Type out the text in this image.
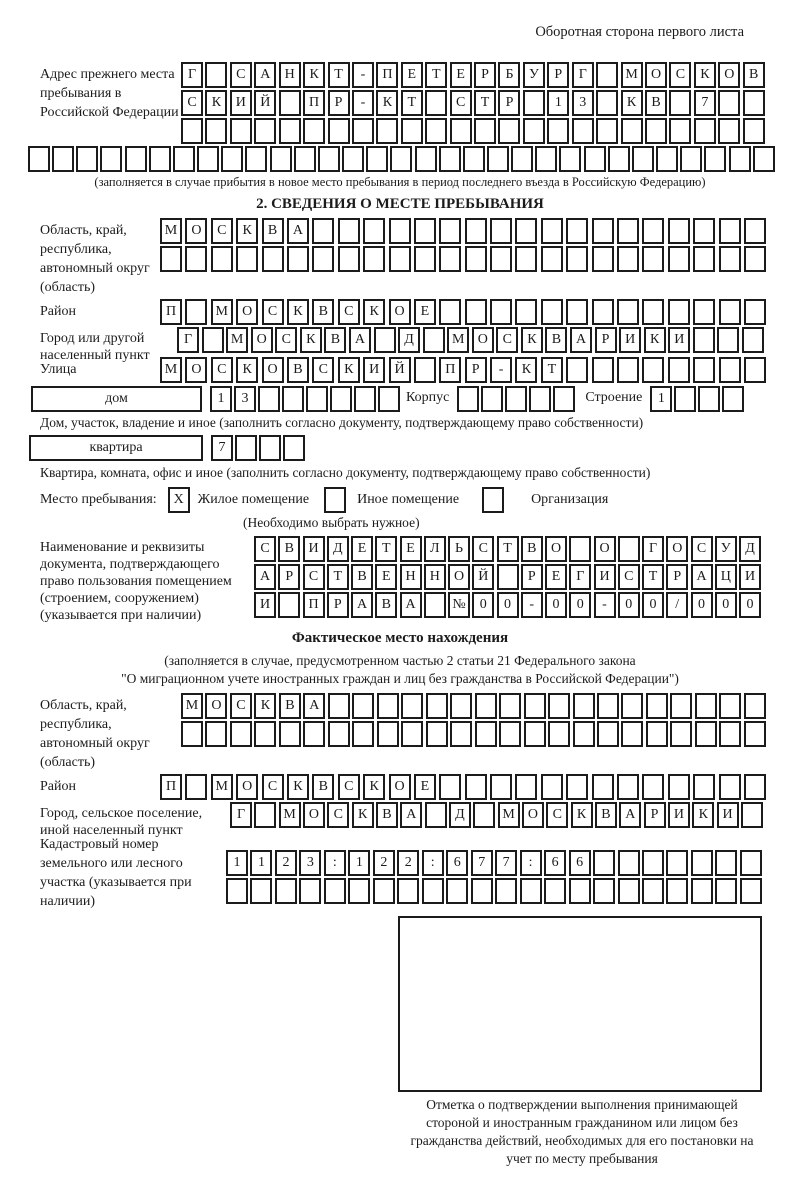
Оборотная сторона первого листа
Адрес прежнего места пребывания в Российской Федерации
Г	С	А	Н	К	Т	-	П	Е	Т	Е	Р	Б	У	Р	Г	М О	С	К	О	В
С	К	И	Й	П	Р	-	К	Т	С	Т	Р	1	3	К	В	7
(заполняется в случае прибытия в новое место пребывания в период последнего въезда в Российскую Федерацию)
2. СВЕДЕНИЯ О МЕСТЕ ПРЕБЫВАНИЯ
Область, край, республика, автономный округ (область)
М	О	С	К	В	А
Район	П	М	О	С	К	В	С	К	О	Е
Город или другой населенный пункт
Г	М О	С	К	В	А	Д	М О	С	К	В	А	Р	И	К	И
Улица	М	О	С	К	О	В	С	К	И	Й	П	Р	-	К	Т
дом	1	3	Корпус	Строение	1
Дом, участок, владение и иное (заполнить согласно документу, подтверждающему право собственности)
квартира	7
Квартира, комната, офис и иное (заполнить согласно документу, подтверждающему право собственности)
Место пребывания:	X Жилое помещение	Иное помещение	Организация
(Необходимо выбрать нужное)
Наименование и реквизиты документа, подтверждающего право пользования помещением (строением, сооружением) (указывается при наличии)
С	В	И	Д	Е	Т	Е	Л	Ь	С	Т	В	О	О	Г	О	С	У	Д
А	Р	С	Т	В	Е	Н	Н	О	Й	Р	Е	Г	И	С	Т	Р	А	Ц	И
И	П	Р	А	В	А	№	0	0	-	0	0	-	0	0	/	0	0	0
Фактическое место нахождения
(заполняется в случае, предусмотренном частью 2 статьи 21 Федерального закона
"О миграционном учете иностранных граждан и лиц без гражданства в Российской Федерации")
Область, край, республика, автономный округ (область)
М О	С	К	В	А
Район	П	М	О	С	К	В	С	К	О	Е
Город, сельское поселение, иной населенный пункт
Г	М О	С	К	В	А	Д	М О	С	К	В	А	Р	И	К	И
Кадастровый номер земельного или лесного участка (указывается при наличии)
1	1	2	3	:	1	2	2	:	6	7	7	:	6	6
Отметка о подтверждении выполнения принимающей стороной и иностранным гражданином или лицом без гражданства действий, необходимых для его постановки на учет по месту пребывания
